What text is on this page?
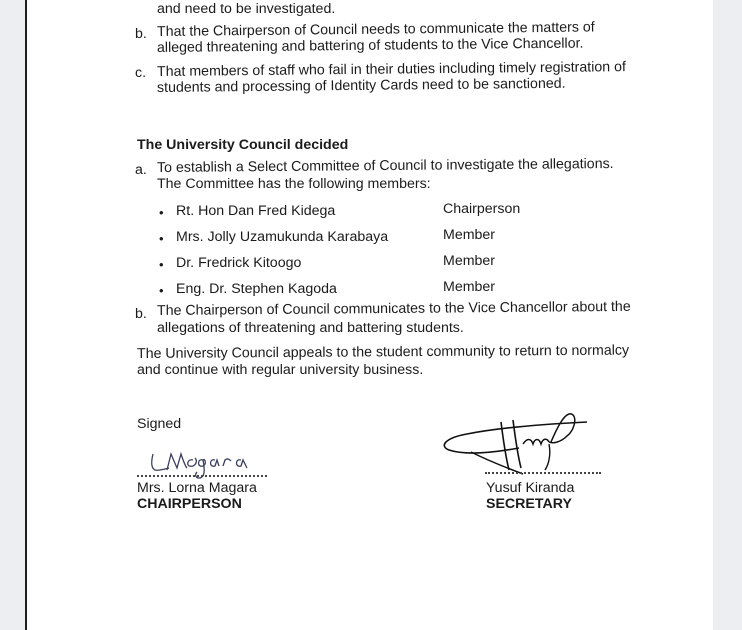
and need to be investigated.
b. That the Chairperson of Council needs to communicate the matters of
alleged threatening and battering of students to the Vice Chancellor.
c. That members of staff who fail in their duties including timely registration of
students and processing of Identity Cards need to be sanctioned.
The University Council decided
a. To establish a Select Committee of Council to investigate the allegations.
The Committee has the following members:
• Rt. Hon Dan Fred Kidega	Chairperson
• Mrs. Jolly Uzamukunda Karabaya	Member
• Dr. Fredrick Kitoogo	Member
• Eng. Dr. Stephen Kagoda	Member
b. The Chairperson of Council communicates to the Vice Chancellor about the
allegations of threatening and battering students.
The University Council appeals to the student community to return to normalcy
and continue with regular university business.
Signed
Mrs. Lorna Magara
CHAIRPERSON
Yusuf Kiranda
SECRETARY
